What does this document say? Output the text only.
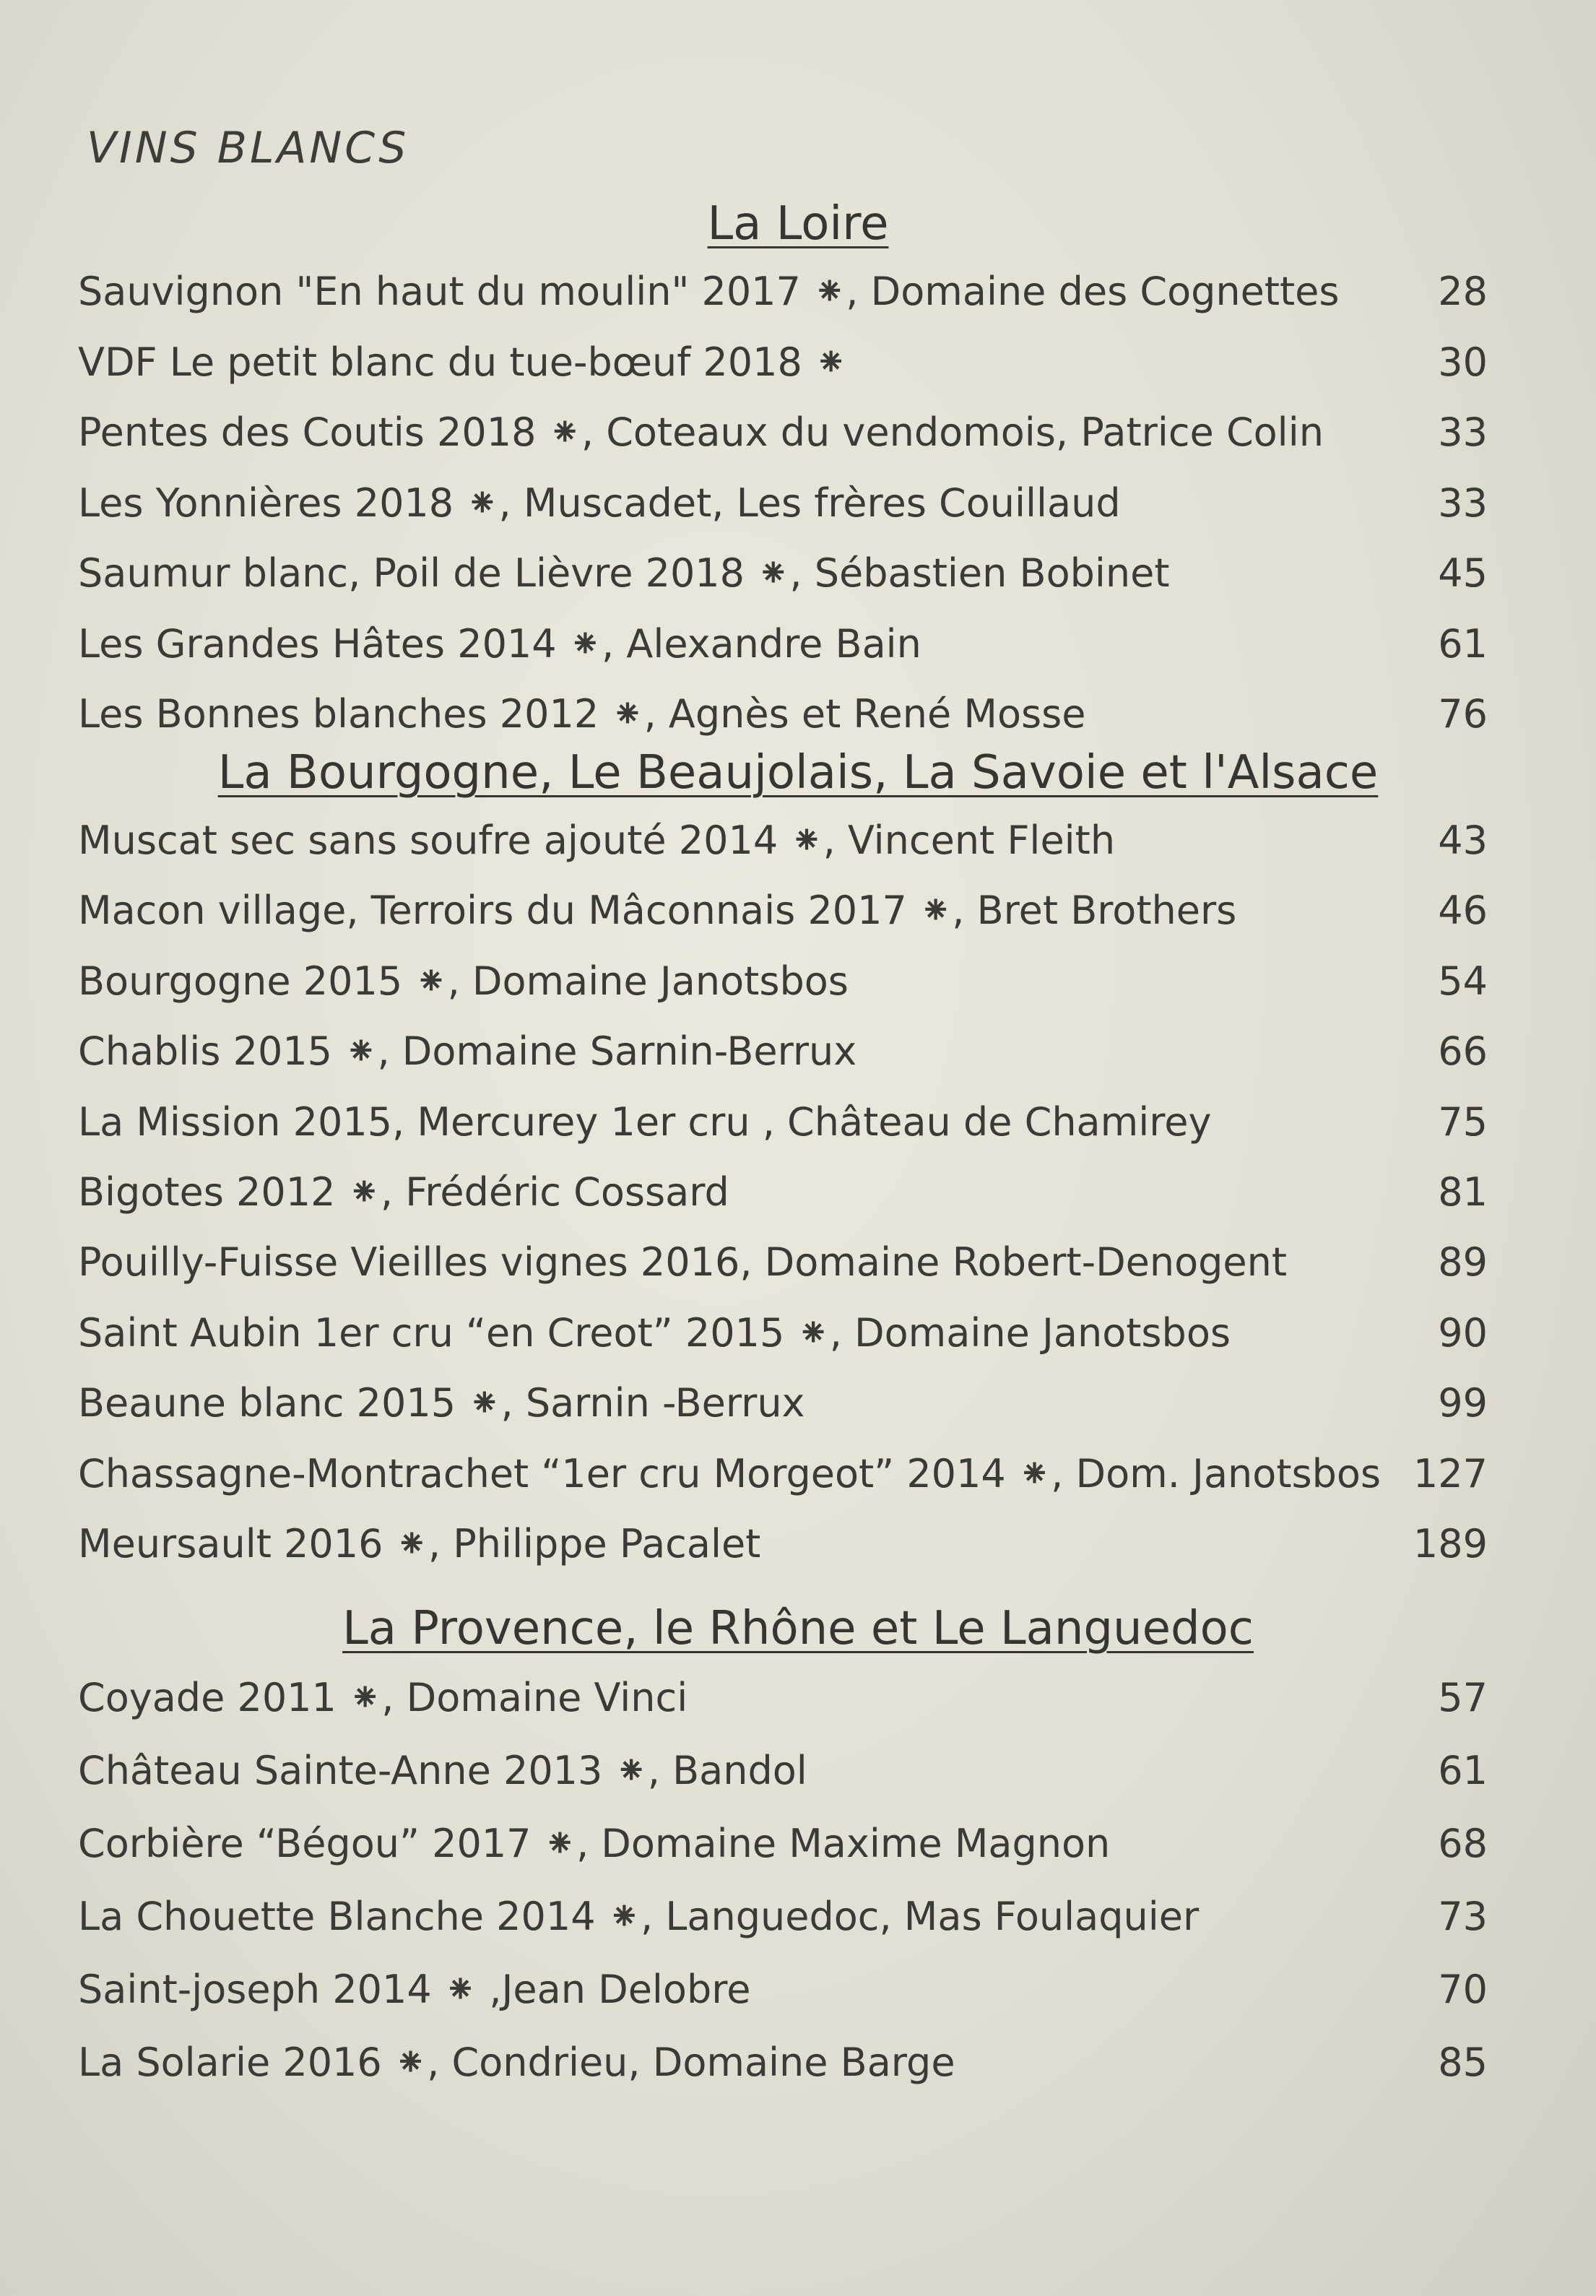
VINS BLANCS
La Loire
Sauvignon "En haut du moulin" 2017 ⁕, Domaine des Cognettes	28
VDF Le petit blanc du tue-bœuf 2018 ⁕	30
Pentes des Coutis 2018 ⁕, Coteaux du vendomois, Patrice Colin	33
Les Yonnières 2018 ⁕, Muscadet, Les frères Couillaud	33
Saumur blanc, Poil de Lièvre 2018 ⁕, Sébastien Bobinet	45
Les Grandes Hâtes 2014 ⁕, Alexandre Bain	61
Les Bonnes blanches 2012 ⁕, Agnès et René Mosse	76
La Bourgogne, Le Beaujolais, La Savoie et l'Alsace
Muscat sec sans soufre ajouté 2014 ⁕, Vincent Fleith	43
Macon village, Terroirs du Mâconnais 2017 ⁕, Bret Brothers	46
Bourgogne 2015 ⁕, Domaine Janotsbos	54
Chablis 2015 ⁕, Domaine Sarnin-Berrux	66
La Mission 2015, Mercurey 1er cru , Château de Chamirey	75
Bigotes 2012 ⁕, Frédéric Cossard	81
Pouilly-Fuisse Vieilles vignes 2016, Domaine Robert-Denogent	89
Saint Aubin 1er cru “en Creot” 2015 ⁕, Domaine Janotsbos	90
Beaune blanc 2015 ⁕, Sarnin -Berrux	99
Chassagne-Montrachet “1er cru Morgeot” 2014 ⁕, Dom. Janotsbos 127
Meursault 2016 ⁕, Philippe Pacalet	189
La Provence, le Rhône et Le Languedoc
Coyade 2011 ⁕, Domaine Vinci	57
Château Sainte-Anne 2013 ⁕, Bandol	61
Corbière “Bégou” 2017 ⁕, Domaine Maxime Magnon	68
La Chouette Blanche 2014 ⁕, Languedoc, Mas Foulaquier	73
Saint-joseph 2014 ⁕ ,Jean Delobre	70
La Solarie 2016 ⁕, Condrieu, Domaine Barge	85
